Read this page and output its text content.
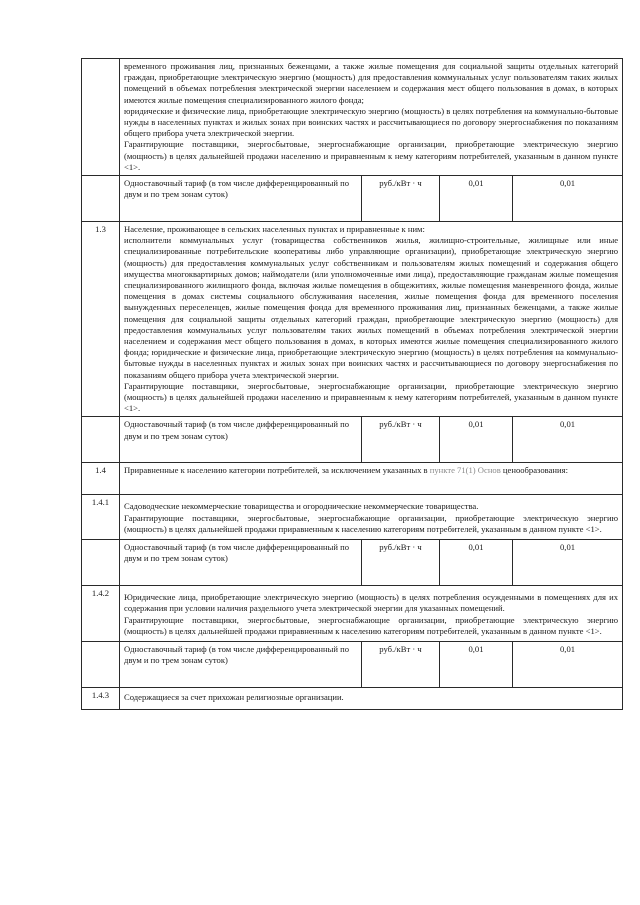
	временного проживания лиц, признанных беженцами, а также жилые помещения для социальной защиты отдельных категорий граждан, приобретающие электрическую энергию (мощность) для предоставления коммунальных услуг пользователям таких жилых помещений в объемах потребления электрической энергии населением и содержания мест общего пользования в домах, в которых имеются жилые помещения специализированного жилого фонда;

юридические и физические лица, приобретающие электрическую энергию (мощность) в целях потребления на коммунально-бытовые нужды в населенных пунктах и жилых зонах при воинских частях и рассчитывающиеся по договору энергоснабжения по показаниям общего прибора учета электрической энергии.

Гарантирующие поставщики, энергосбытовые, энергоснабжающие организации, приобретающие электрическую энергию (мощность) в целях дальнейшей продажи населению и приравненным к нему категориям потребителей, указанным в данном пункте <1>.			

	Одноставочный тариф (в том числе дифференцированный по двум и по трем зонам суток)	руб./кВт · ч	0,01	0,01
1.3	Население, проживающее в сельских населенных пунктах и приравненные к ним:

исполнители коммунальных услуг (товарищества собственников жилья, жилищно-строительные, жилищные или иные специализированные потребительские кооперативы либо управляющие организации), приобретающие электрическую энергию (мощность) для предоставления коммунальных услуг собственникам и пользователям жилых помещений и содержания общего имущества многоквартирных домов; наймодатели (или уполномоченные ими лица), предоставляющие гражданам жилые помещения специализированного жилищного фонда, включая жилые помещения в общежитиях, жилые помещения маневренного фонда, жилые помещения в домах системы социального обслуживания населения, жилые помещения фонда для временного поселения вынужденных переселенцев, жилые помещения фонда для временного проживания лиц, признанных беженцами, а также жилые помещения для социальной защиты отдельных категорий граждан, приобретающие электрическую энергию (мощность) для предоставления коммунальных услуг пользователям таких жилых помещений в объемах потребления электрической энергии населением и содержания мест общего пользования в домах, в которых имеются жилые помещения специализированного жилого фонда; юридические и физические лица, приобретающие электрическую энергию (мощность) в целях потребления на коммунально-бытовые нужды в населенных пунктах и жилых зонах при воинских частях и рассчитывающиеся по договору энергоснабжения по показаниям общего прибора учета электрической энергии.

Гарантирующие поставщики, энергосбытовые, энергоснабжающие организации, приобретающие электрическую энергию (мощность) в целях дальнейшей продажи населению и приравненным к нему категориям потребителей, указанным в данном пункте <1>.			

	Одноставочный тариф (в том числе дифференцированный по двум и по трем зонам суток)	руб./кВт · ч	0,01	0,01
1.4	Приравненные к населению категории потребителей, за исключением указанных в пункте 71(1) Основ ценообразования:			
1.4.1	Садоводческие некоммерческие товарищества и огороднические некоммерческие товарищества.

Гарантирующие поставщики, энергосбытовые, энергоснабжающие организации, приобретающие электрическую энергию (мощность) в целях дальнейшей продажи приравненным к населению категориям потребителей, указанным в данном пункте <1>.			

	Одноставочный тариф (в том числе дифференцированный по двум и по трем зонам суток)	руб./кВт · ч	0,01	0,01
1.4.2	Юридические лица, приобретающие электрическую энергию (мощность) в целях потребления осужденными в помещениях для их содержания при условии наличия раздельного учета электрической энергии для указанных помещений.

Гарантирующие поставщики, энергосбытовые, энергоснабжающие организации, приобретающие электрическую энергию (мощность) в целях дальнейшей продажи приравненным к населению категориям потребителей, указанным в данном пункте <1>.			

	Одноставочный тариф (в том числе дифференцированный по двум и по трем зонам суток)	руб./кВт · ч	0,01	0,01
1.4.3	Содержащиеся за счет прихожан религиозные организации.			
